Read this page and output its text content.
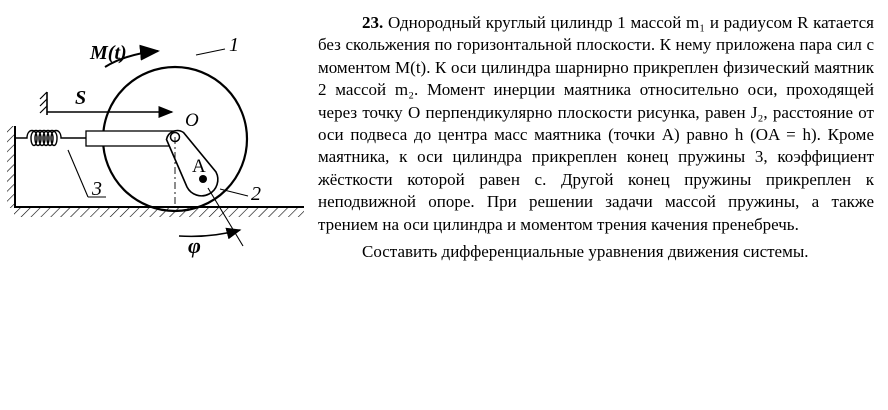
M(t)
S
1
O
A
2
3
φ

23. Однородный круглый цилиндр 1 массой m₁ и радиусом R катается без скольжения по горизонтальной плоскости. К нему приложена пара сил с моментом M(t). К оси цилиндра шарнирно прикреплен физический маятник 2 массой m₂. Момент инерции маятника относительно оси, проходящей через точку O перпендикулярно плоскости рисунка, равен J₂, расстояние от оси подвеса до центра масс маятника (точки А) равно h (OA = h). Кроме маятника, к оси цилиндра прикреплен конец пружины 3, коэффициент жёсткости которой равен c. Другой конец пружины прикреплен к неподвижной опоре. При решении задачи массой пружины, а также трением на оси цилиндра и моментом трения качения пренебречь.

Составить дифференциальные уравнения движения системы.
